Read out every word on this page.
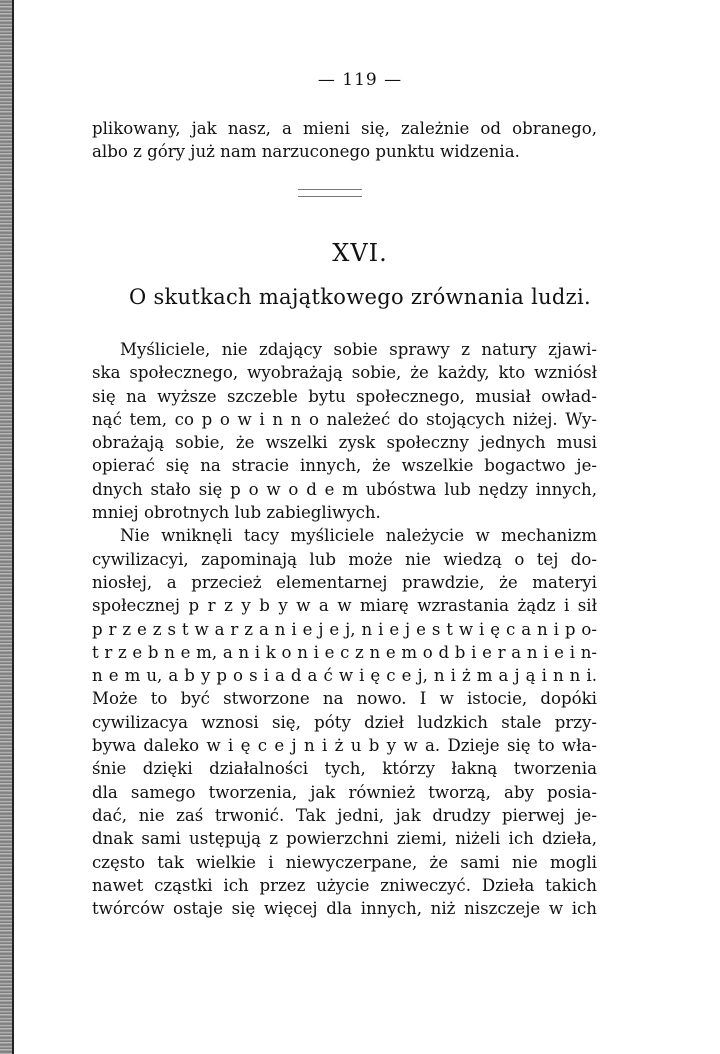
— 119 —
plikowany, jak nasz, a mieni się, zależnie od obranego,
albo z góry już nam narzuconego punktu widzenia.
XVI.
O skutkach majątkowego zrównania ludzi.
Myśliciele, nie zdający sobie sprawy z natury zjawi-
ska społecznego, wyobrażają sobie, że każdy, kto wzniósł
się na wyższe szczeble bytu społecznego, musiał owład-
nąć tem, co p o w i n n o należeć do stojących niżej. Wy-
obrażają sobie, że wszelki zysk społeczny jednych musi
opierać się na stracie innych, że wszelkie bogactwo je-
dnych stało się p o w o d e m ubóstwa lub nędzy innych,
mniej obrotnych lub zabiegliwych.
Nie wniknęli tacy myśliciele należycie w mechanizm
cywilizacyi, zapominają lub może nie wiedzą o tej do-
niosłej, a przecież elementarnej prawdzie, że materyi
społecznej p r z y b y w a w miarę wzrastania żądz i sił
p r z e z s t w a r z a n i e j e j, n i e j e s t w i ę c a n i p o-
t r z e b n e m, a n i k o n i e c z n e m o d b i e r a n i e i n-
n e m u, a b y p o s i a d a ć w i ę c e j, n i ż m a j ą i n n i.
Może to być stworzone na nowo. I w istocie, dopóki
cywilizacya wznosi się, póty dzieł ludzkich stale przy-
bywa daleko w i ę c e j n i ż u b y w a. Dzieje się to wła-
śnie dzięki działalności tych, którzy łakną tworzenia
dla samego tworzenia, jak również tworzą, aby posia-
dać, nie zaś trwonić. Tak jedni, jak drudzy pierwej je-
dnak sami ustępują z powierzchni ziemi, niżeli ich dzieła,
często tak wielkie i niewyczerpane, że sami nie mogli
nawet cząstki ich przez użycie zniweczyć. Dzieła takich
twórców ostaje się więcej dla innych, niż niszczeje w ich
